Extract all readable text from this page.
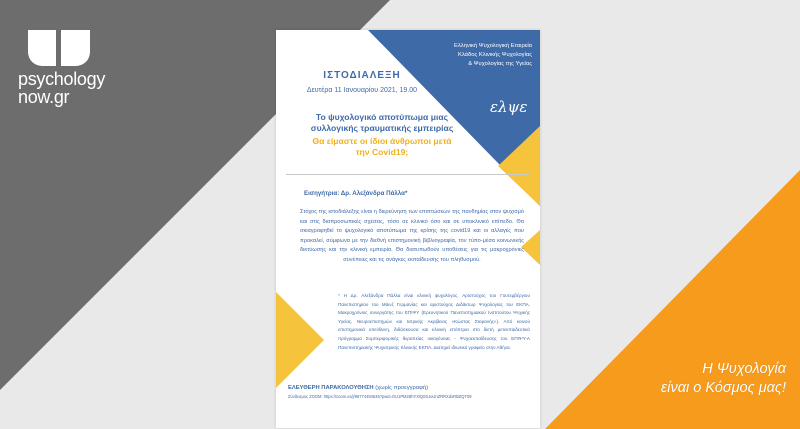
psychology
now.gr
Η Ψυχολογία
είναι ο Κόσμος μας!
Ελληνική Ψυχολογική Εταιρεία
Κλάδος Κλινικής Ψυχολογίας
& Ψυχολογίας της Υγείας
ελψε
ΙΣΤΟΔΙΑΛΕΞΗ
Δευτέρα 11 Ιανουαρίου 2021, 19.00
Το ψυχολογικό αποτύπωμα μιας
συλλογικής τραυματικής εμπειρίας
Θα είμαστε οι ίδιοι άνθρωποι μετά
την Covid19;
Εισηγήτρια: Δρ. Αλεξάνδρα Πάλλα*
Στόχος της ιστοδιάλεξης είναι η διερεύνηση των επιπτώσεων της πανδημίας στον ψυχισμό και στις διαπροσωπικές σχέσεις, τόσο σε κλινικό όσο και σε υποκλινικό επίπεδο. Θα σκιαγραφηθεί το ψυχολογικό αποτύπωμα της κρίσης της covid19 και οι αλλαγές που προκαλεί, σύμφωνα με την διεθνή επιστημονική βιβλιογραφία, τον τύπο-μέσα κοινωνικής δικτύωσης και την κλινική εμπειρία. Θα διατυπωθούν υποθέσεις για τις μακροχρόνιες συνέπειες και τις ανάγκες εκπαίδευσης του πληθυσμού.
* Η Δρ. Αλεξάνδρα Πάλλα είναι κλινική ψυχολόγος. Αριστούχος του Γουτεμβέργιου Πανεπιστημίου του Μάινζ Γερμανίας και αριστούχος Διδάκτωρ Ψυχολογίας του ΕΚΠΑ. Μακροχρόνιος συνεργάτης του ΕΠΙΨΥ (Ερευνητικού Πανεπιστημιακού Ινστιτούτου Ψυχικής Υγείας, Νευροεπιστημών και Ιατρικής Ακρίβειας «Κώστας Στεφανής»). Από κοινού επιστημονικά υπεύθυνη, διδάσκουσα και κλινική επόπτρια στο διετή μετεκπαιδευτικό πρόγραμμα Συμπεριφορικής θεραπείας οικογένειας - Ψυχοεκπαίδευσης του ΕΠΙΨΥ-Α Πανεπιστημιακής Ψυχιατρικής Κλινικής ΕΚΠΑ. Διατηρεί ιδιωτικό γραφείο στην Αθήνα.
ΕΛΕΥΘΕΡΗ ΠΑΡΑΚΟΛΟΥΘΗΣΗ (χωρίς προεγγραφή)
Σύνδεσμος ZOOM: https://zoom.us/j/96774494536?pwd=OU1PMzBhYXlQ0SJoUnZRRXdxRBZQT09
